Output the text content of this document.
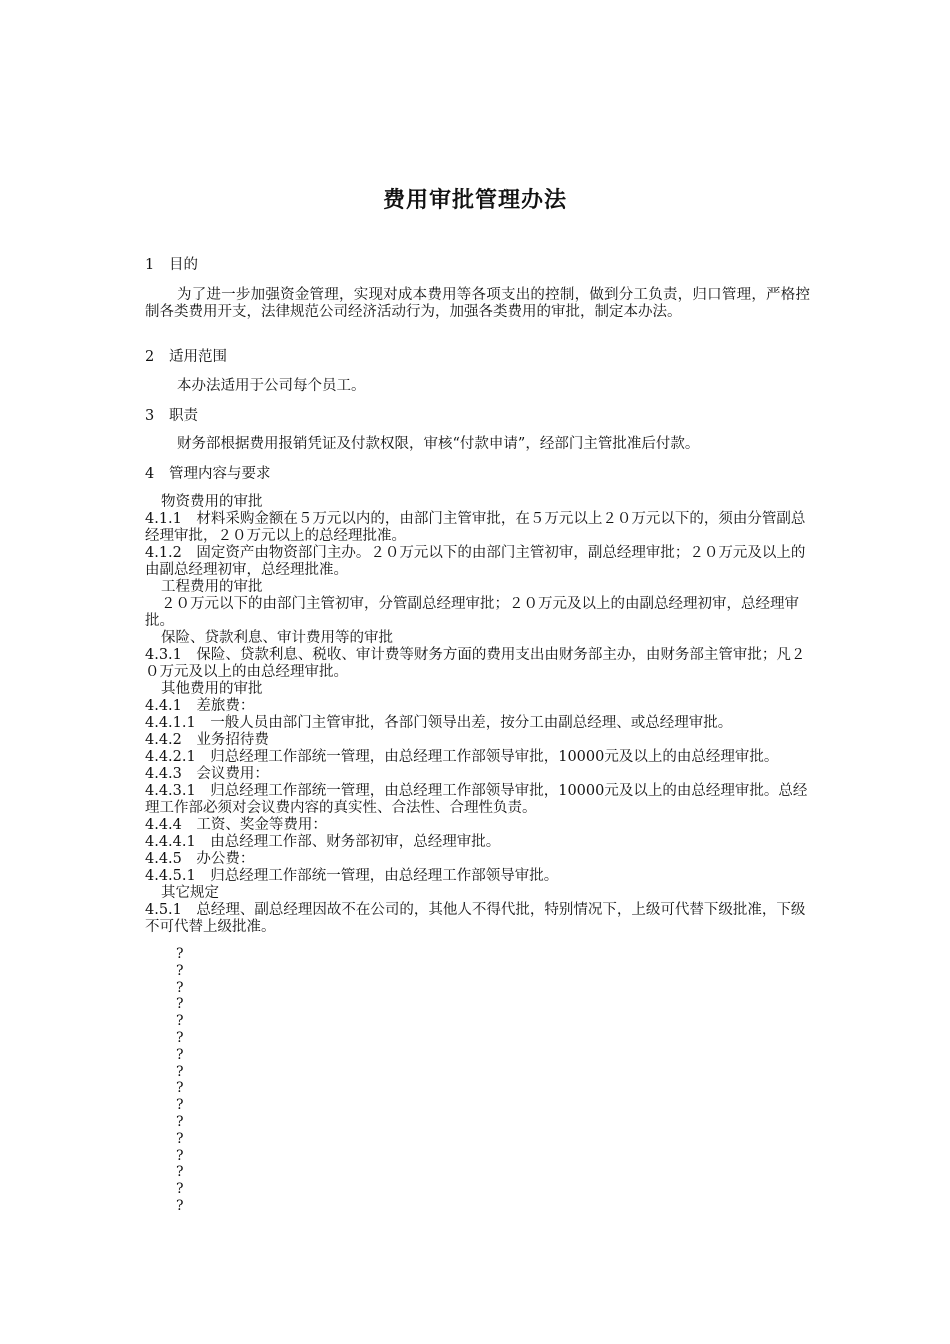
费用审批管理办法
1 目的
为了进一步加强资金管理，实现对成本费用等各项支出的控制，做到分工负责，归口管理，严格控制各类费用开支，法律规范公司经济活动行为，加强各类费用的审批，制定本办法。
2 适用范围
本办法适用于公司每个员工。
3 职责
财务部根据费用报销凭证及付款权限，审核“付款申请”，经部门主管批准后付款。
4 管理内容与要求
物资费用的审批
4.1.1　材料采购金额在５万元以内的，由部门主管审批，在５万元以上２０万元以下的，须由分管副总经理审批，２０万元以上的总经理批准。
4.1.2　固定资产由物资部门主办。２０万元以下的由部门主管初审，副总经理审批；２０万元及以上的由副总经理初审，总经理批准。
工程费用的审批
２０万元以下的由部门主管初审，分管副总经理审批；２０万元及以上的由副总经理初审，总经理审批。
保险、贷款利息、审计费用等的审批
4.3.1　保险、贷款利息、税收、审计费等财务方面的费用支出由财务部主办，由财务部主管审批；凡２０万元及以上的由总经理审批。
其他费用的审批
4.4.1　差旅费：
4.4.1.1　一般人员由部门主管审批，各部门领导出差，按分工由副总经理、或总经理审批。
4.4.2　业务招待费
4.4.2.1　归总经理工作部统一管理，由总经理工作部领导审批，10000元及以上的由总经理审批。
4.4.3　会议费用：
4.4.3.1　归总经理工作部统一管理，由总经理工作部领导审批，10000元及以上的由总经理审批。总经理工作部必须对会议费内容的真实性、合法性、合理性负责。
4.4.4　工资、奖金等费用：
4.4.4.1　由总经理工作部、财务部初审，总经理审批。
4.4.5　办公费：
4.4.5.1　归总经理工作部统一管理，由总经理工作部领导审批。
其它规定
4.5.1　总经理、副总经理因故不在公司的，其他人不得代批，特别情况下，上级可代替下级批准，下级不可代替上级批准。
?
?
?
?
?
?
?
?
?
?
?
?
?
?
?
?
